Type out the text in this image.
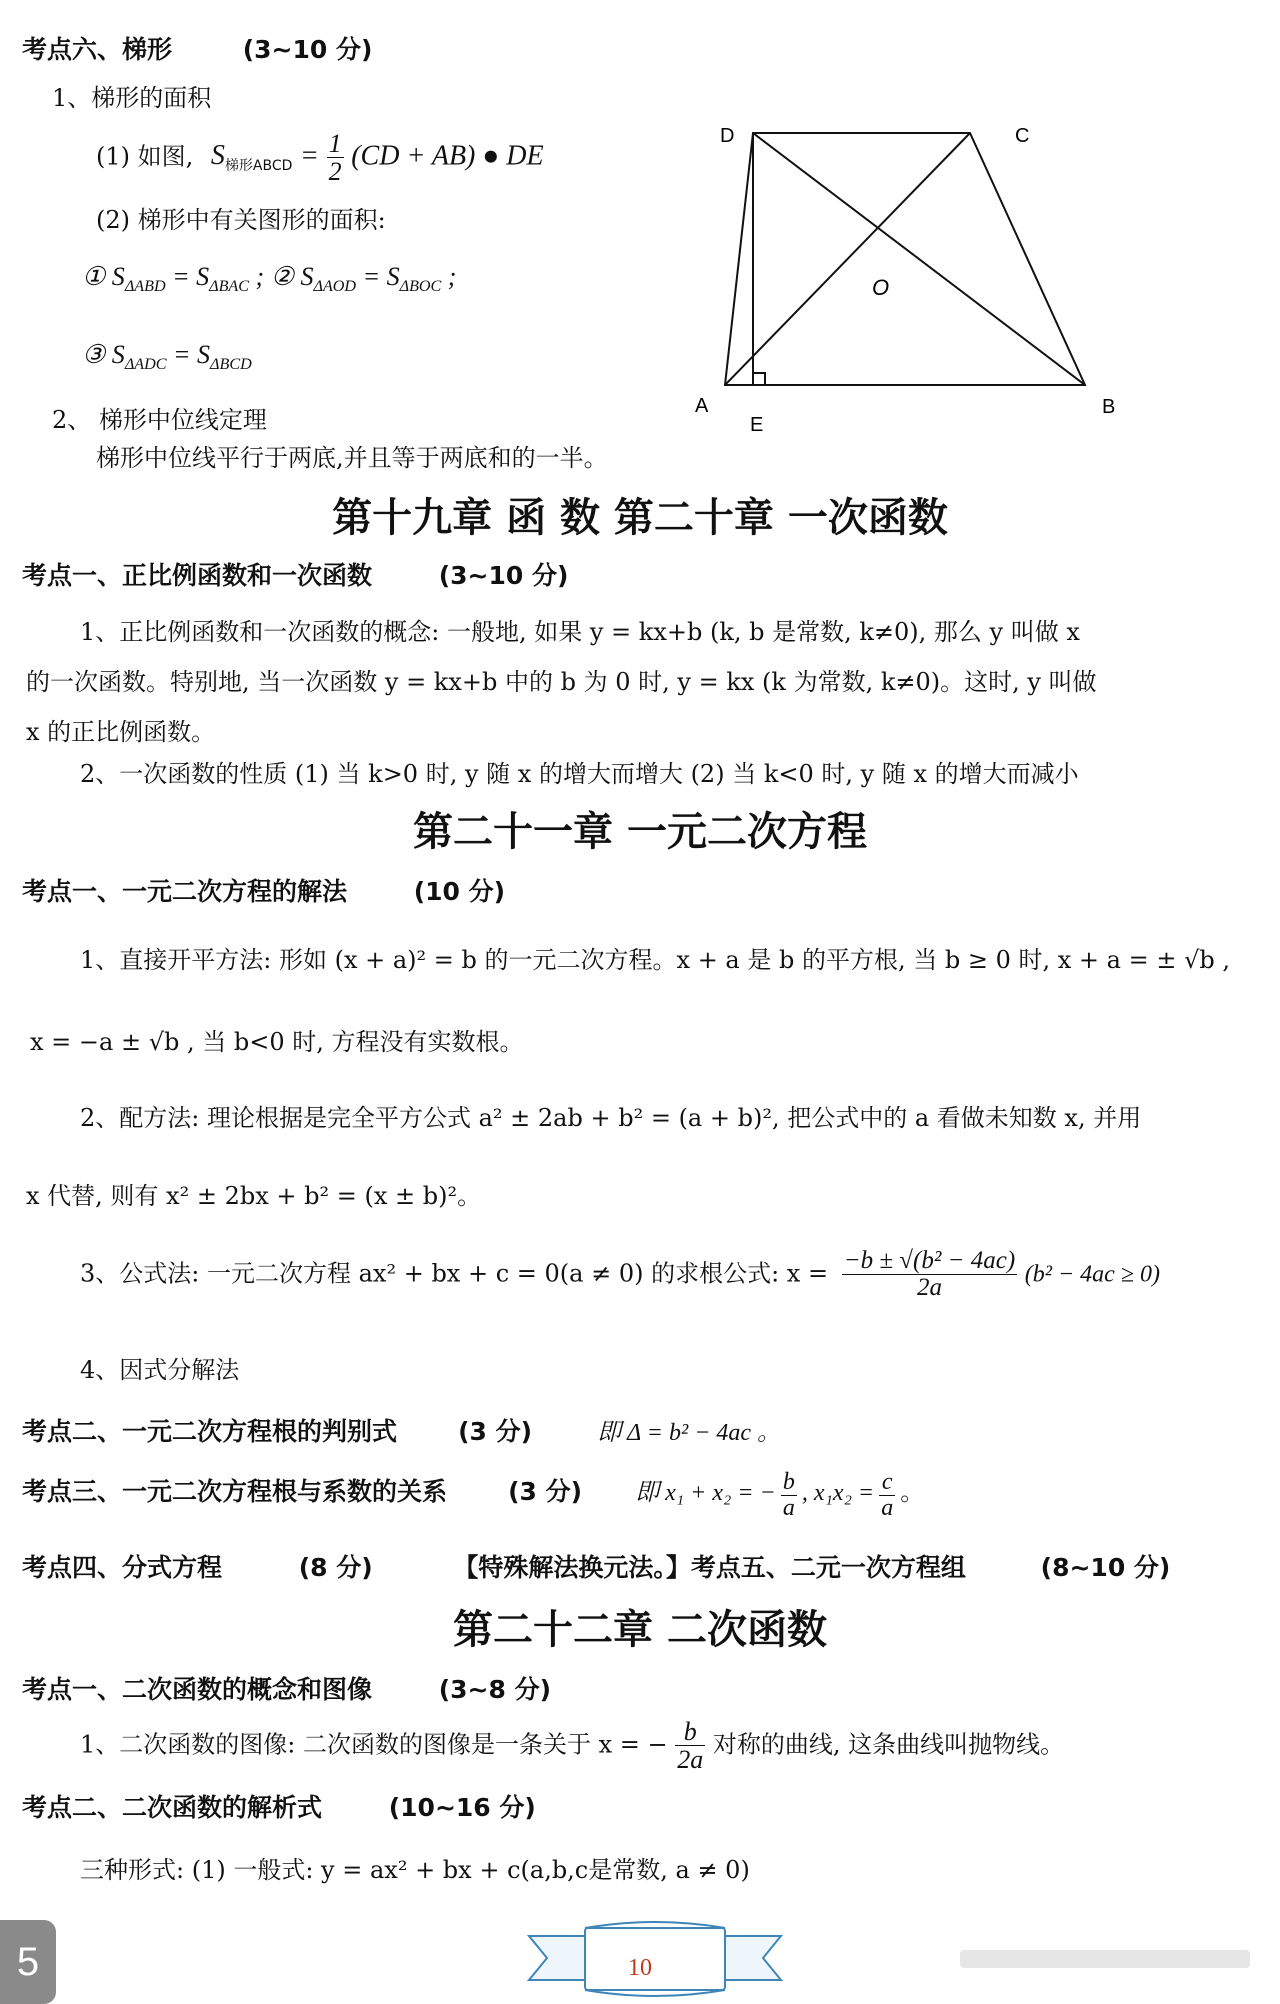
考点六、梯形	(3~10 分)
1、梯形的面积
(1) 如图, $S_{梯形ABCD} = \frac{1}{2} (CD + AB)$ ● DE
(2) 梯形中有关图形的面积:
① $S_{\Delta ABD} = S_{\Delta BAC}$ ; ② $S_{\Delta AOD} = S_{\Delta BOC}$ ;
③ $S_{\Delta ADC} = S_{\Delta BCD}$
2、 梯形中位线定理
梯形中位线平行于两底,并且等于两底和的一半。
D	C
O
A
E
B
第十九章 函 数 第二十章 一次函数
考点一、正比例函数和一次函数	(3~10 分)
1、正比例函数和一次函数的概念: 一般地, 如果 y = kx+b (k, b 是常数, k≠0), 那么 y 叫做 x
的一次函数。特别地, 当一次函数 y = kx+b 中的 b 为 0 时, y = kx (k 为常数, k≠0)。这时, y 叫做
x 的正比例函数。
2、一次函数的性质 (1) 当 k>0 时, y 随 x 的增大而增大 (2) 当 k<0 时, y 随 x 的增大而减小
第二十一章 一元二次方程
考点一、一元二次方程的解法	(10 分)
1、直接开平方法: 形如 (x + a)² = b 的一元二次方程。x + a 是 b 的平方根, 当 b ≥ 0 时, x + a = ± √b ,
x = −a ± √b , 当 b<0 时, 方程没有实数根。
2、配方法: 理论根据是完全平方公式 a² ± 2ab + b² = (a + b)², 把公式中的 a 看做未知数 x, 并用
x 代替, 则有 x² ± 2bx + b² = (x ± b)²。
3、公式法: 一元二次方程 ax² + bx + c = 0(a ≠ 0) 的求根公式: $x = \frac{\text{−b ± √(b² − 4ac)}}{2a} (b^2 - 4ac \ge 0)$
4、因式分解法
考点二、一元二次方程根的判别式 (3 分)	即 Δ = b² − 4ac 。
考点三、一元二次方程根与系数的关系 (3 分) 即 x₁ + x₂ = − $\frac{b}{a}$ , $x_1x_2 = \frac{c}{a}$ 。
考点四、分式方程	(8 分)	【特殊解法换元法。】考点五、二元一次方程组	(8~10 分)
第二十二章 二次函数
考点一、二次函数的概念和图像	(3~8 分)
1、二次函数的图像: 二次函数的图像是一条关于 x = − $\frac{b}{2a}$ 对称的曲线, 这条曲线叫抛物线。
考点二、二次函数的解析式	(10~16 分)
三种形式: (1) 一般式: y = ax² + bx + c(a,b,c是常数, a ≠ 0)
5	10
